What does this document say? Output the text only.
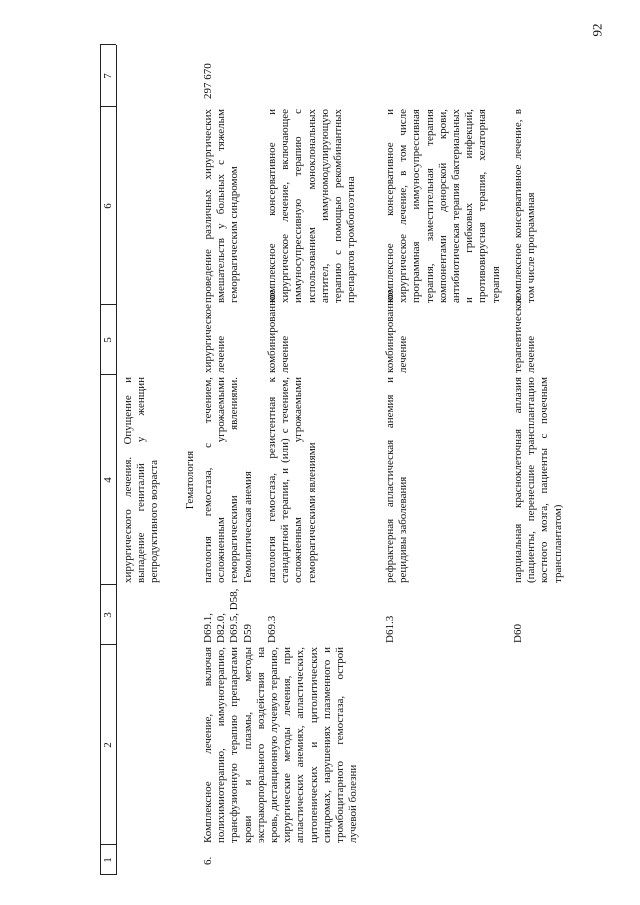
92
1
2
3
4
5
6
7
хирургического лечения. Опущение и выпадение гениталий у женщин репродуктивного возраста Гематология
6.
Комплексное лечение, включая полихимиотерапию, иммунотерапию, трансфузионную терапию препаратами крови и плазмы, методы экстракорпорального воздействия на кровь, дистанционную лучевую терапию, хирургические методы лечения, при апластических анемиях, апластических, цитопенических и цитолитических синдромах, нарушениях плазменного и тромбоцитарного гемостаза, острой лучевой болезни
297 670
D69.1, D82.0, D69.5, D58, D59
патология гемостаза, с течением, осложненным угрожаемыми геморрагическими явлениями. Гемолитическая анемия
хирургическое лечение
проведение различных хирургических вмешательств у больных с тяжелым геморрагическим синдромом
D69.3
патология гемостаза, резистентная к стандартной терапии, и (или) с течением, осложненным угрожаемыми геморрагическими явлениями
комбинированное лечение
комплексное консервативное и хирургическое лечение, включающее иммуносупрессивную терапию с использованием моноклональных антител, иммуномодулирующую терапию с помощью рекомбинантных препаратов тромбопоэтина
D61.3
рефрактерная апластическая анемия и рецидивы заболевания
комбинированное лечение
комплексное консервативное и хирургическое лечение, в том числе программная иммуносупрессивная терапия, заместительная терапия компонентами донорской крови, антибиотическая терапия бактериальных и грибковых инфекций, противовирусная терапия, хелаторная терапия
D60
парциальная красноклеточная аплазия (пациенты, перенесшие трансплантацию костного мозга, пациенты с почечным трансплантатом)
терапевтическое лечение
комплексное консервативное лечение, в том числе программная
